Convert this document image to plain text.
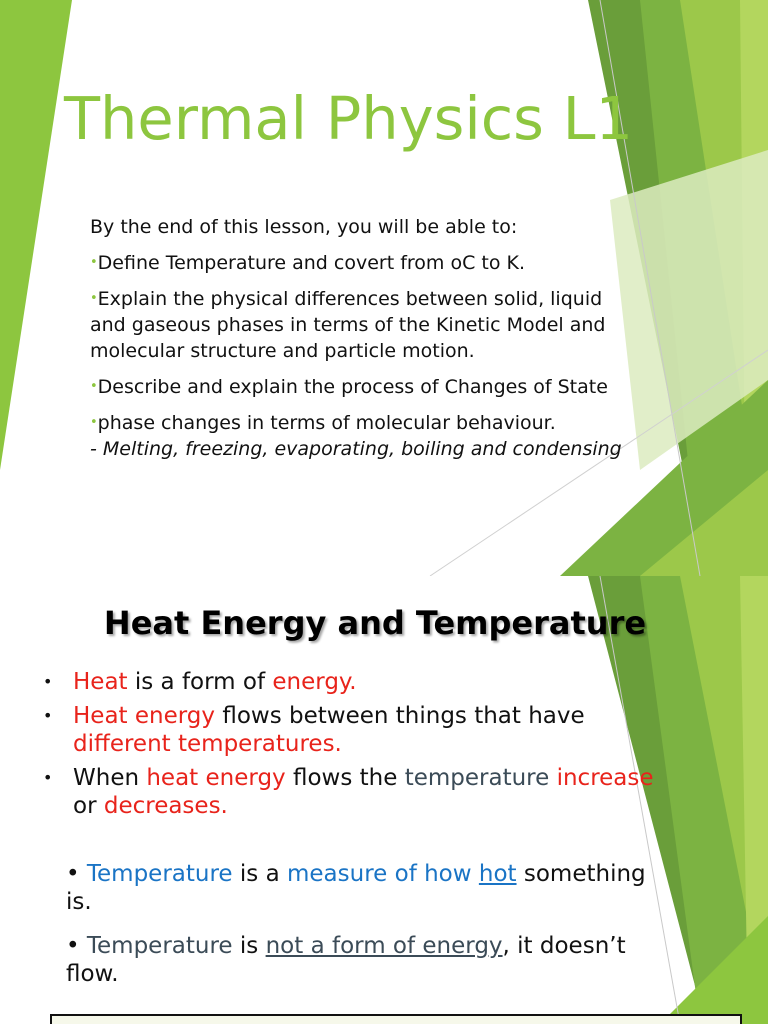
Thermal Physics L1

By the end of this lesson, you will be able to:

•Define Temperature and covert from oC to K.

•Explain the physical differences between solid, liquid and gaseous phases in terms of the Kinetic Model and molecular structure and particle motion.

•Describe and explain the process of Changes of State

•phase changes in terms of molecular behaviour.
- Melting, freezing, evaporating, boiling and condensing

Heat Energy and Temperature
• Heat is a form of energy.
• Heat energy flows between things that have different temperatures.
• When heat energy flows the temperature increase or decreases.

• Temperature is a measure of how hot something is.

• Temperature is not a form of energy, it doesn’t flow.
